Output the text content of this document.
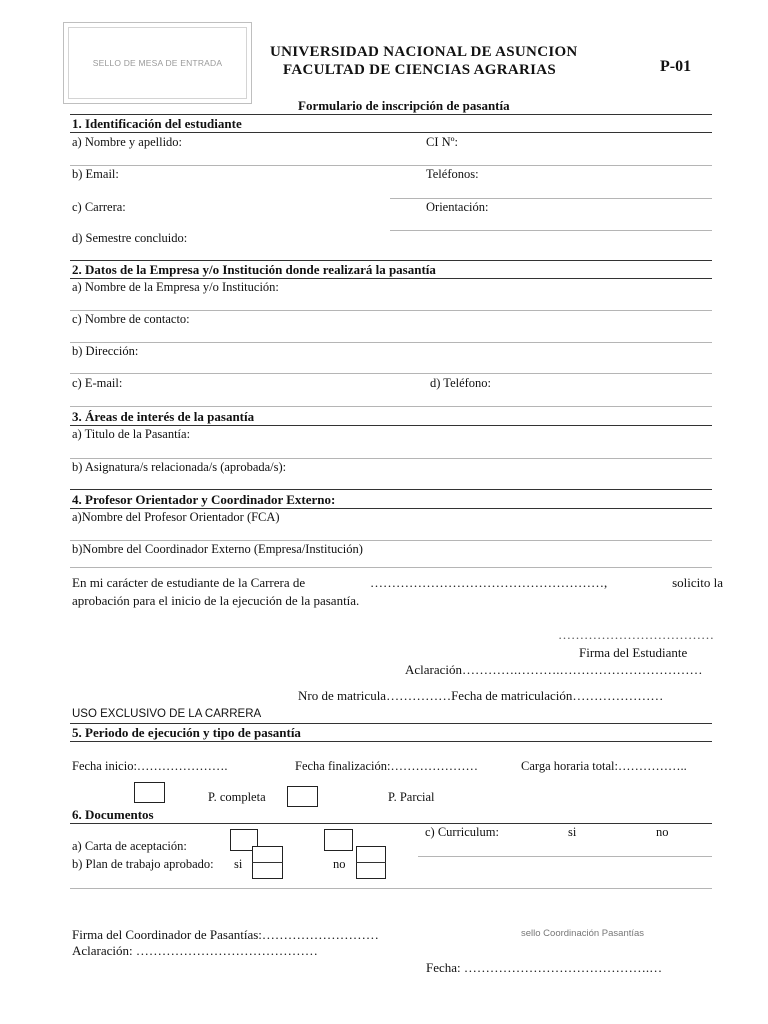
SELLO DE MESA DE ENTRADA
UNIVERSIDAD NACIONAL DE ASUNCION
FACULTAD DE CIENCIAS AGRARIAS	P-01
Formulario de inscripción de pasantía
1. Identificación del estudiante
a) Nombre y apellido:	CI Nº:
b) Email:	Teléfonos:
c) Carrera:	Orientación:
d) Semestre concluido:
2. Datos de la Empresa y/o Institución donde realizará la pasantía
a) Nombre de la Empresa y/o Institución:
c) Nombre de contacto:
b) Dirección:
c) E-mail:	d) Teléfono:
3. Áreas de interés de la pasantía
a) Titulo de la Pasantía:
b) Asignatura/s relacionada/s (aprobada/s):
4. Profesor Orientador y Coordinador Externo:
a)Nombre del Profesor Orientador (FCA)
b)Nombre del Coordinador Externo (Empresa/Institución)
En mi carácter de estudiante de la Carrera de	………………………………………………,	solicito la
aprobación para el inicio de la ejecución de la pasantía.
………………………………
Firma del Estudiante
Aclaración………….……….……………………………
Nro de matricula……………Fecha de matriculación…………………
USO EXCLUSIVO DE LA CARRERA
5. Periodo de ejecución y tipo de pasantía
Fecha inicio:………………….	Fecha finalización:…………………	Carga horaria total:……………..
P. completa	P. Parcial
6. Documentos
a) Carta de aceptación:
c) Curriculum:	si	no
b) Plan de trabajo aprobado: si	no
Firma del Coordinador de Pasantías:………………………	sello Coordinación Pasantías
Aclaración: ……………………………………
Fecha: …………………………………….…
